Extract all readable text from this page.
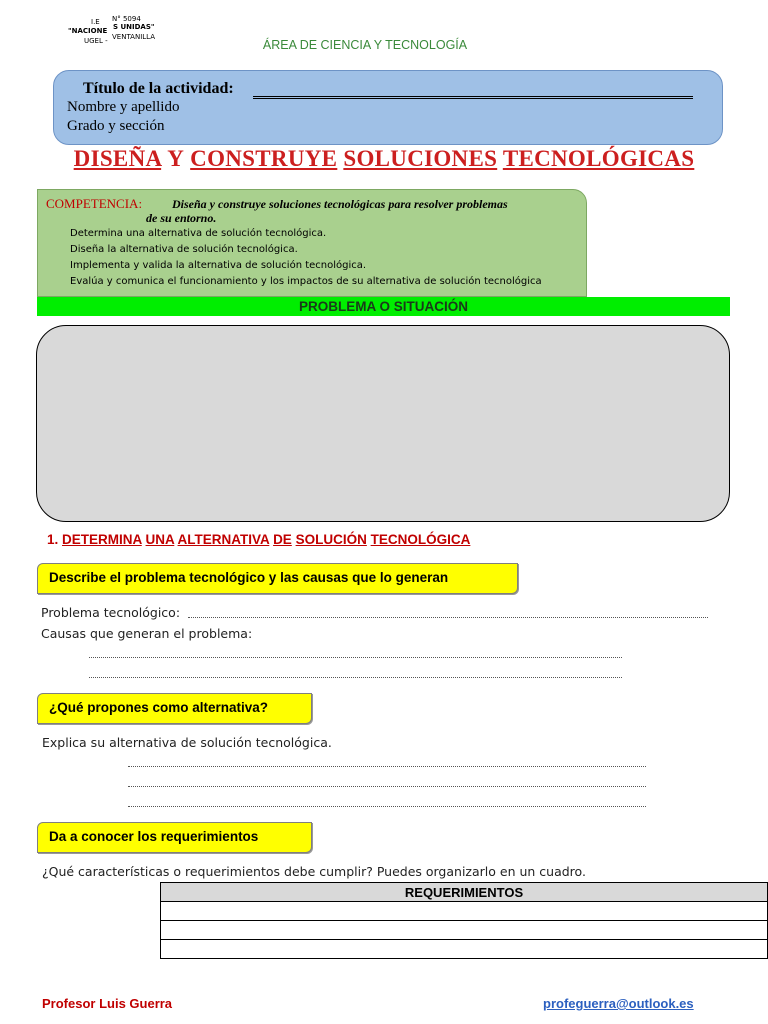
I.E N° 5094
"NACIONE S UNIDAS"
UGEL - VENTANILLA
ÁREA DE CIENCIA Y TECNOLOGÍA
Título de la actividad:
Nombre y apellido
Grado y sección
DISEÑA Y CONSTRUYE SOLUCIONES TECNOLÓGICAS
COMPETENCIA: Diseña y construye soluciones tecnológicas para resolver problemas
de su entorno.
Determina una alternativa de solución tecnológica.
Diseña la alternativa de solución tecnológica.
Implementa y valida la alternativa de solución tecnológica.
Evalúa y comunica el funcionamiento y los impactos de su alternativa de solución tecnológica
PROBLEMA O SITUACIÓN
1. DETERMINA UNA ALTERNATIVA DE SOLUCIÓN TECNOLÓGICA
Describe el problema tecnológico y las causas que lo generan
Problema tecnológico:
Causas que generan el problema:
¿Qué propones como alternativa?
Explica su alternativa de solución tecnológica.
Da a conocer los requerimientos
¿Qué características o requerimientos debe cumplir? Puedes organizarlo en un cuadro.
REQUERIMIENTOS

Profesor Luis Guerra	profeguerra@outlook.es
